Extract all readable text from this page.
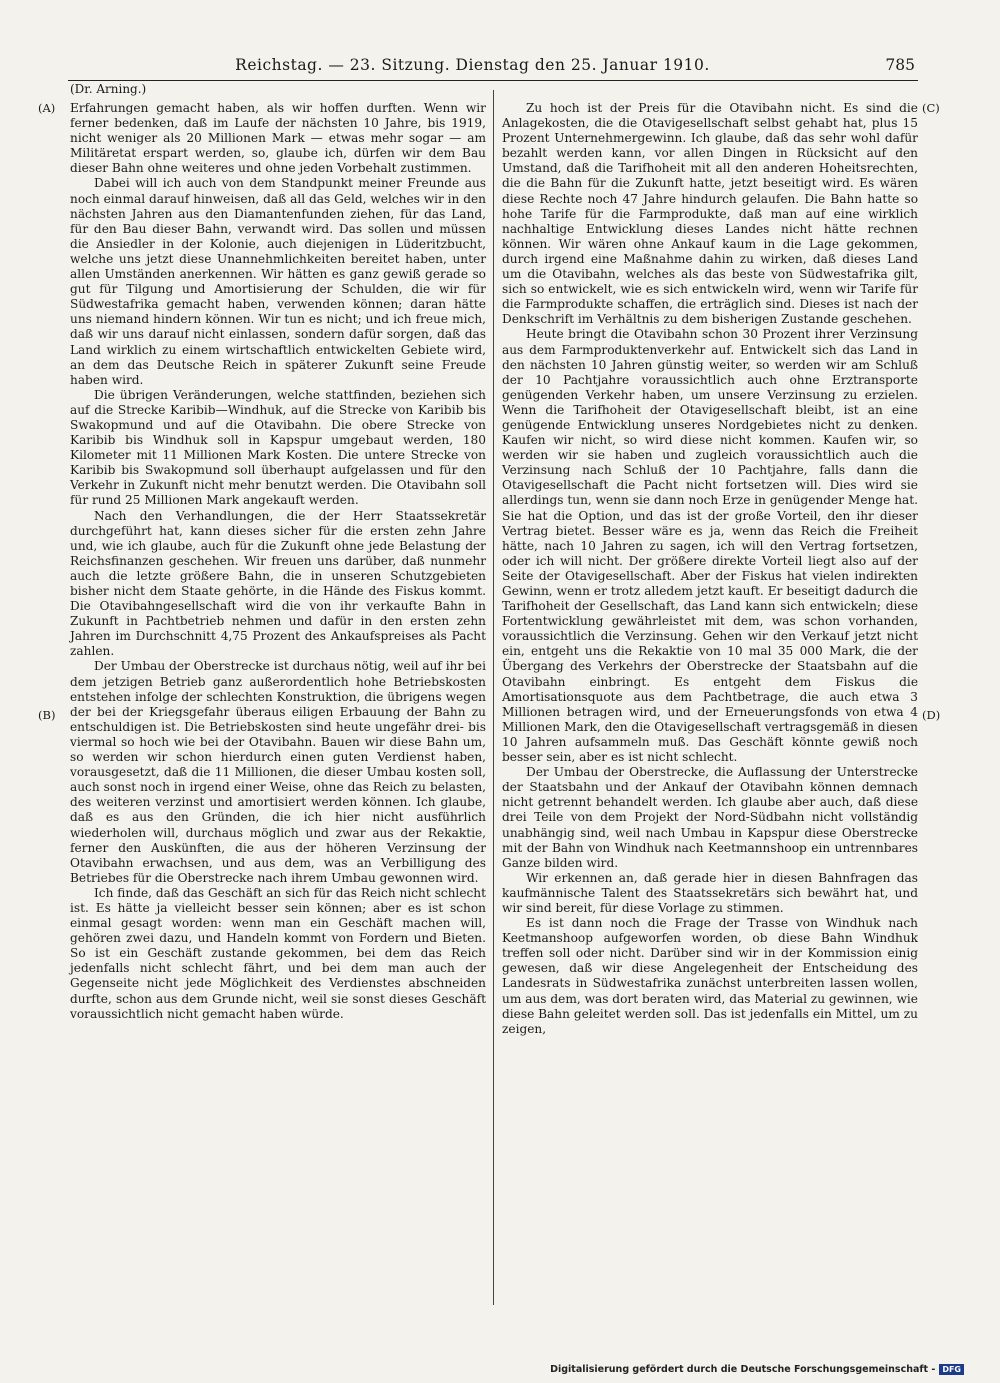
Reichstag. — 23. Sitzung. Dienstag den 25. Januar 1910.	785
(Dr. Arning.)
(A)
(B)
(C)
(D)

Erfahrungen gemacht haben, als wir hoffen durften. Wenn wir ferner bedenken, daß im Laufe der nächsten 10 Jahre, bis 1919, nicht weniger als 20 Millionen Mark — etwas mehr sogar — am Militäretat erspart werden, so, glaube ich, dürfen wir dem Bau dieser Bahn ohne weiteres und ohne jeden Vorbehalt zustimmen.

Dabei will ich auch von dem Standpunkt meiner Freunde aus noch einmal darauf hinweisen, daß all das Geld, welches wir in den nächsten Jahren aus den Diamantenfunden ziehen, für das Land, für den Bau dieser Bahn, verwandt wird. Das sollen und müssen die Ansiedler in der Kolonie, auch diejenigen in Lüderitzbucht, welche uns jetzt diese Unannehmlichkeiten bereitet haben, unter allen Umständen anerkennen. Wir hätten es ganz gewiß gerade so gut für Tilgung und Amortisierung der Schulden, die wir für Südwestafrika gemacht haben, verwenden können; daran hätte uns niemand hindern können. Wir tun es nicht; und ich freue mich, daß wir uns darauf nicht einlassen, sondern dafür sorgen, daß das Land wirklich zu einem wirtschaftlich entwickelten Gebiete wird, an dem das Deutsche Reich in späterer Zukunft seine Freude haben wird.

Die übrigen Veränderungen, welche stattfinden, beziehen sich auf die Strecke Karibib—Windhuk, auf die Strecke von Karibib bis Swakopmund und auf die Otavibahn. Die obere Strecke von Karibib bis Windhuk soll in Kapspur umgebaut werden, 180 Kilometer mit 11 Millionen Mark Kosten. Die untere Strecke von Karibib bis Swakopmund soll überhaupt aufgelassen und für den Verkehr in Zukunft nicht mehr benutzt werden. Die Otavibahn soll für rund 25 Millionen Mark angekauft werden.

Nach den Verhandlungen, die der Herr Staatssekretär durchgeführt hat, kann dieses sicher für die ersten zehn Jahre und, wie ich glaube, auch für die Zukunft ohne jede Belastung der Reichsfinanzen geschehen. Wir freuen uns darüber, daß nunmehr auch die letzte größere Bahn, die in unseren Schutzgebieten bisher nicht dem Staate gehörte, in die Hände des Fiskus kommt. Die Otavibahngesellschaft wird die von ihr verkaufte Bahn in Zukunft in Pachtbetrieb nehmen und dafür in den ersten zehn Jahren im Durchschnitt 4,75 Prozent des Ankaufspreises als Pacht zahlen.

Der Umbau der Oberstrecke ist durchaus nötig, weil auf ihr bei dem jetzigen Betrieb ganz außerordentlich hohe Betriebskosten entstehen infolge der schlechten Konstruktion, die übrigens wegen der bei der Kriegsgefahr überaus eiligen Erbauung der Bahn zu entschuldigen ist. Die Betriebskosten sind heute ungefähr drei- bis viermal so hoch wie bei der Otavibahn. Bauen wir diese Bahn um, so werden wir schon hierdurch einen guten Verdienst haben, vorausgesetzt, daß die 11 Millionen, die dieser Umbau kosten soll, auch sonst noch in irgend einer Weise, ohne das Reich zu belasten, des weiteren verzinst und amortisiert werden können. Ich glaube, daß es aus den Gründen, die ich hier nicht ausführlich wiederholen will, durchaus möglich und zwar aus der Rekaktie, ferner den Auskünften, die aus der höheren Verzinsung der Otavibahn erwachsen, und aus dem, was an Verbilligung des Betriebes für die Oberstrecke nach ihrem Umbau gewonnen wird.

Ich finde, daß das Geschäft an sich für das Reich nicht schlecht ist. Es hätte ja vielleicht besser sein können; aber es ist schon einmal gesagt worden: wenn man ein Geschäft machen will, gehören zwei dazu, und Handeln kommt von Fordern und Bieten. So ist ein Geschäft zustande gekommen, bei dem das Reich jedenfalls nicht schlecht fährt, und bei dem man auch der Gegenseite nicht jede Möglichkeit des Verdienstes abschneiden durfte, schon aus dem Grunde nicht, weil sie sonst dieses Geschäft voraussichtlich nicht gemacht haben würde.

Zu hoch ist der Preis für die Otavibahn nicht. Es sind die Anlagekosten, die die Otavigesellschaft selbst gehabt hat, plus 15 Prozent Unternehmergewinn. Ich glaube, daß das sehr wohl dafür bezahlt werden kann, vor allen Dingen in Rücksicht auf den Umstand, daß die Tarifhoheit mit all den anderen Hoheitsrechten, die die Bahn für die Zukunft hatte, jetzt beseitigt wird. Es wären diese Rechte noch 47 Jahre hindurch gelaufen. Die Bahn hatte so hohe Tarife für die Farmprodukte, daß man auf eine wirklich nachhaltige Entwicklung dieses Landes nicht hätte rechnen können. Wir wären ohne Ankauf kaum in die Lage gekommen, durch irgend eine Maßnahme dahin zu wirken, daß dieses Land um die Otavibahn, welches als das beste von Südwestafrika gilt, sich so entwickelt, wie es sich entwickeln wird, wenn wir Tarife für die Farmprodukte schaffen, die erträglich sind. Dieses ist nach der Denkschrift im Verhältnis zu dem bisherigen Zustande geschehen.

Heute bringt die Otavibahn schon 30 Prozent ihrer Verzinsung aus dem Farmproduktenverkehr auf. Entwickelt sich das Land in den nächsten 10 Jahren günstig weiter, so werden wir am Schluß der 10 Pachtjahre voraussichtlich auch ohne Erztransporte genügenden Verkehr haben, um unsere Verzinsung zu erzielen. Wenn die Tarifhoheit der Otavigesellschaft bleibt, ist an eine genügende Entwicklung unseres Nordgebietes nicht zu denken. Kaufen wir nicht, so wird diese nicht kommen. Kaufen wir, so werden wir sie haben und zugleich voraussichtlich auch die Verzinsung nach Schluß der 10 Pachtjahre, falls dann die Otavigesellschaft die Pacht nicht fortsetzen will. Dies wird sie allerdings tun, wenn sie dann noch Erze in genügender Menge hat. Sie hat die Option, und das ist der große Vorteil, den ihr dieser Vertrag bietet. Besser wäre es ja, wenn das Reich die Freiheit hätte, nach 10 Jahren zu sagen, ich will den Vertrag fortsetzen, oder ich will nicht. Der größere direkte Vorteil liegt also auf der Seite der Otavigesellschaft. Aber der Fiskus hat vielen indirekten Gewinn, wenn er trotz alledem jetzt kauft. Er beseitigt dadurch die Tarifhoheit der Gesellschaft, das Land kann sich entwickeln; diese Fortentwicklung gewährleistet mit dem, was schon vorhanden, voraussichtlich die Verzinsung. Gehen wir den Verkauf jetzt nicht ein, entgeht uns die Rekaktie von 10 mal 35 000 Mark, die der Übergang des Verkehrs der Oberstrecke der Staatsbahn auf die Otavibahn einbringt. Es entgeht dem Fiskus die Amortisationsquote aus dem Pachtbetrage, die auch etwa 3 Millionen betragen wird, und der Erneuerungsfonds von etwa 4 Millionen Mark, den die Otavigesellschaft vertragsgemäß in diesen 10 Jahren aufsammeln muß. Das Geschäft könnte gewiß noch besser sein, aber es ist nicht schlecht.

Der Umbau der Oberstrecke, die Auflassung der Unterstrecke der Staatsbahn und der Ankauf der Otavibahn können demnach nicht getrennt behandelt werden. Ich glaube aber auch, daß diese drei Teile von dem Projekt der Nord-Südbahn nicht vollständig unabhängig sind, weil nach Umbau in Kapspur diese Oberstrecke mit der Bahn von Windhuk nach Keetmannshoop ein untrennbares Ganze bilden wird.

Wir erkennen an, daß gerade hier in diesen Bahnfragen das kaufmännische Talent des Staatssekretärs sich bewährt hat, und wir sind bereit, für diese Vorlage zu stimmen.

Es ist dann noch die Frage der Trasse von Windhuk nach Keetmanshoop aufgeworfen worden, ob diese Bahn Windhuk treffen soll oder nicht. Darüber sind wir in der Kommission einig gewesen, daß wir diese Angelegenheit der Entscheidung des Landesrats in Südwestafrika zunächst unterbreiten lassen wollen, um aus dem, was dort beraten wird, das Material zu gewinnen, wie diese Bahn geleitet werden soll. Das ist jedenfalls ein Mittel, um zu zeigen,

Digitalisierung gefördert durch die Deutsche Forschungsgemeinschaft - DFG
